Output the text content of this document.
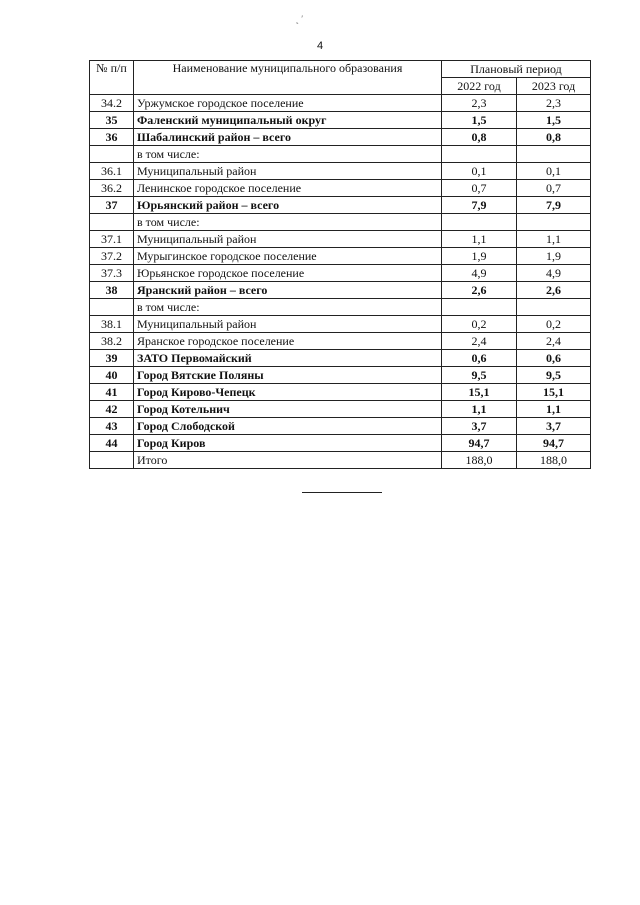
˛ ′
4
№ п/п	Наименование муниципального образования	Плановый период	
		2022 год	2023 год
34.2	Уржумское городское поселение	2,3	2,3
35	Фаленский муниципальный округ	1,5	1,5
36	Шабалинский район – всего	0,8	0,8
	в том числе:		
36.1	Муниципальный район	0,1	0,1
36.2	Ленинское городское поселение	0,7	0,7
37	Юрьянский район – всего	7,9	7,9
	в том числе:		
37.1	Муниципальный район	1,1	1,1
37.2	Мурыгинское городское поселение	1,9	1,9
37.3	Юрьянское городское поселение	4,9	4,9
38	Яранский район – всего	2,6	2,6
	в том числе:		
38.1	Муниципальный район	0,2	0,2
38.2	Яранское городское поселение	2,4	2,4
39	ЗАТО Первомайский	0,6	0,6
40	Город Вятские Поляны	9,5	9,5
41	Город Кирово-Чепецк	15,1	15,1
42	Город Котельнич	1,1	1,1
43	Город Слободской	3,7	3,7
44	Город Киров	94,7	94,7
	Итого	188,0	188,0
